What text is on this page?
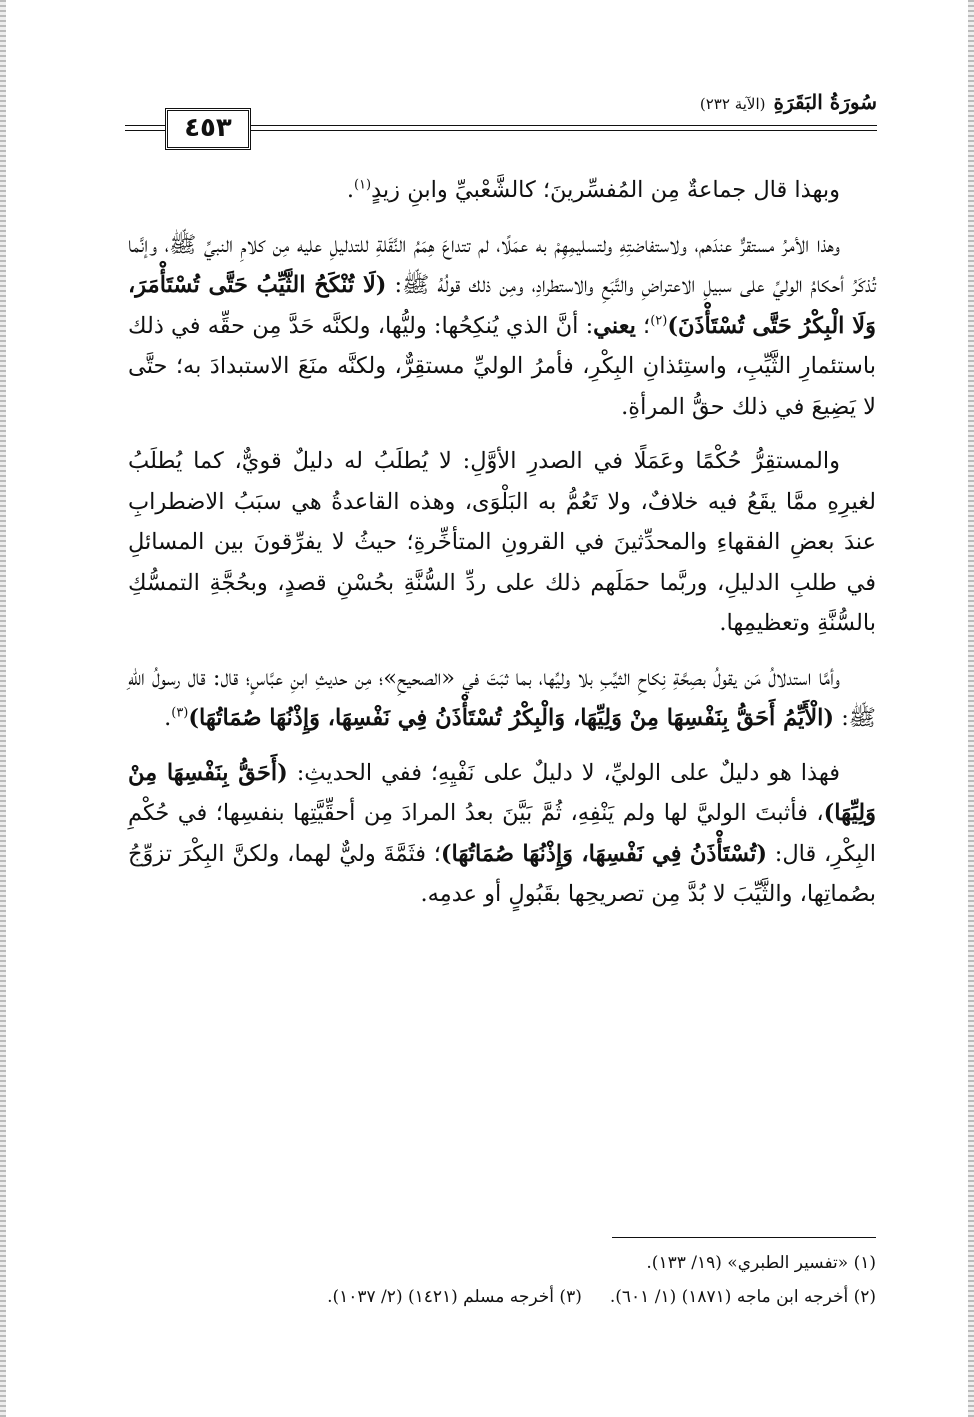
٤٥٣
سُورَةُ البَقَرَةِ(الآية ٢٣٢)

وبهذا قال جماعةٌ مِن المُفسِّرينَ؛ كالشَّعْبيِّ وابنِ زيدٍ$^{(١)}$.

وهذا الأمرُ مستقرٌّ عندَهم، ولاستفاضتِهِ ولتسليمِهِمْ به عمَلًا، لم تتداعَ هِمَمُ النَّقَلةِ للتدليلِ عليه مِن كلامِ النبيِّ ﷺ، وإنَّما تُذكَرُ أحكامُ الوليِّ على سبيلِ الاعتراضِ والتَّبَعِ والاستطرادِ، ومِن ذلك قولُهُ ﷺ: (لَا تُنْكَحُ الثَّيِّبُ حَتَّى تُسْتَأْمَرَ، وَلَا الْبِكْرُ حَتَّى تُسْتَأْذَنَ)$^{(٢)}$؛ يعني: أنَّ الذي يُنكِحُها: وليُّها، ولكنَّه حَدَّ مِن حقِّه في ذلك باستئمارِ الثَّيِّبِ، واستِئذانِ البِكْرِ، فأمرُ الوليِّ مستقِرٌّ، ولكنَّه منَعَ الاستبدادَ به؛ حتَّى لا يَضِيعَ في ذلك حقُّ المرأةِ.

والمستقِرُّ حُكْمًا وعَمَلًا في الصدرِ الأوَّلِ: لا يُطلَبُ له دليلٌ قويٌّ، كما يُطلَبُ لغيرِهِ ممَّا يقَعُ فيه خلافٌ، ولا تَعُمُّ به البَلْوَى، وهذه القاعدةُ هي سبَبُ الاضطرابِ عندَ بعضِ الفقهاءِ والمحدِّثينَ في القرونِ المتأخِّرةِ؛ حيثُ لا يفرِّقونَ بين المسائلِ في طلبِ الدليلِ، وربَّما حمَلَهم ذلك على ردِّ السُّنَّةِ بحُسْنِ قصدٍ، وبحُجَّةِ التمسُّكِ بالسُّنَّةِ وتعظيمِها.

وأمَّا استدلالُ مَن يقولُ بصِحَّةِ نِكاحِ الثيِّبِ بلا وليِّها، بما ثبَتَ في «الصحيحِ»؛ مِن حديثِ ابنِ عبَّاسٍ؛ قال: قال رسولُ اللهِ ﷺ: (الْأَيِّمُ أَحَقُّ بِنَفْسِهَا مِنْ وَلِيِّهَا، وَالْبِكْرُ تُسْتَأْذَنُ فِي نَفْسِهَا، وَإِذْنُهَا صُمَاتُهَا)$^{(٣)}$.

فهذا هو دليلٌ على الوليِّ، لا دليلٌ على نَفْيِهِ؛ ففي الحديثِ: (أَحَقُّ بِنَفْسِهَا مِنْ وَلِيِّهَا)، فأثبتَ الوليَّ لها ولم يَنْفِهِ، ثُمَّ بَيَّنَ بعدُ المرادَ مِن أحقِّيَّتِها بنفسِها؛ في حُكْمِ البِكْرِ، قال: (تُسْتَأْذَنُ فِي نَفْسِهَا، وَإِذْنُهَا صُمَاتُهَا)؛ فثَمَّةَ وليٌّ لهما، ولكنَّ البِكْرَ تزوِّجُ بصُماتِها، والثَّيِّبَ لا بُدَّ مِن تصريحِها بقَبُولٍ أو عدمِه.

(١) «تفسير الطبري» (١٩/ ١٣٣).
(٢) أخرجه ابن ماجه (١٨٧١) (١/ ٦٠١).(٣) أخرجه مسلم (١٤٢١) (٢/ ١٠٣٧).
